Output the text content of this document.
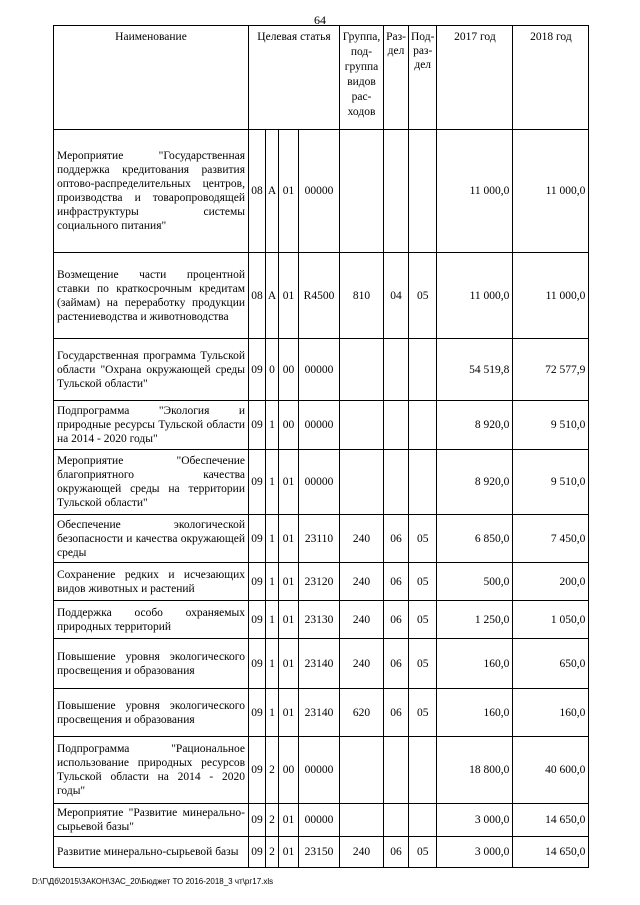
64
Наименование	Целевая статья				Группа, под-группа видов рас-ходов	Раз-дел	Под-раз-дел	2017 год	2018 год
Мероприятие "Государственная поддержка кредитования развития оптово-распределительных центров, производства и товаропроводящей инфраструктуры системы социального питания"	08	А	01	00000				11 000,0	11 000,0
Возмещение части процентной ставки по краткосрочным кредитам (займам) на переработку продукции растениеводства и животноводства	08	А	01	R4500	810	04	05	11 000,0	11 000,0
Государственная программа Тульской области "Охрана окружающей среды Тульской области"	09	0	00	00000				54 519,8	72 577,9
Подпрограмма "Экология и природные ресурсы Тульской области на 2014 - 2020 годы"	09	1	00	00000				8 920,0	9 510,0
Мероприятие "Обеспечение благоприятного качества окружающей среды на территории Тульской области"	09	1	01	00000				8 920,0	9 510,0
Обеспечение экологической безопасности и качества окружающей среды	09	1	01	23110	240	06	05	6 850,0	7 450,0
Сохранение редких и исчезающих видов животных и растений	09	1	01	23120	240	06	05	500,0	200,0
Поддержка особо охраняемых природных территорий	09	1	01	23130	240	06	05	1 250,0	1 050,0
Повышение уровня экологического просвещения и образования	09	1	01	23140	240	06	05	160,0	650,0
Повышение уровня экологического просвещения и образования	09	1	01	23140	620	06	05	160,0	160,0
Подпрограмма "Рациональное использование природных ресурсов Тульской области на 2014 - 2020 годы"	09	2	00	00000				18 800,0	40 600,0
Мероприятие "Развитие минерально-сырьевой базы"	09	2	01	00000				3 000,0	14 650,0
Развитие минерально-сырьевой базы	09	2	01	23150	240	06	05	3 000,0	14 650,0
D:\Г\Дб\2015\ЗАКОН\ЗАС_20\Бюджет ТО 2016-2018_3 чт\рг17.xls
